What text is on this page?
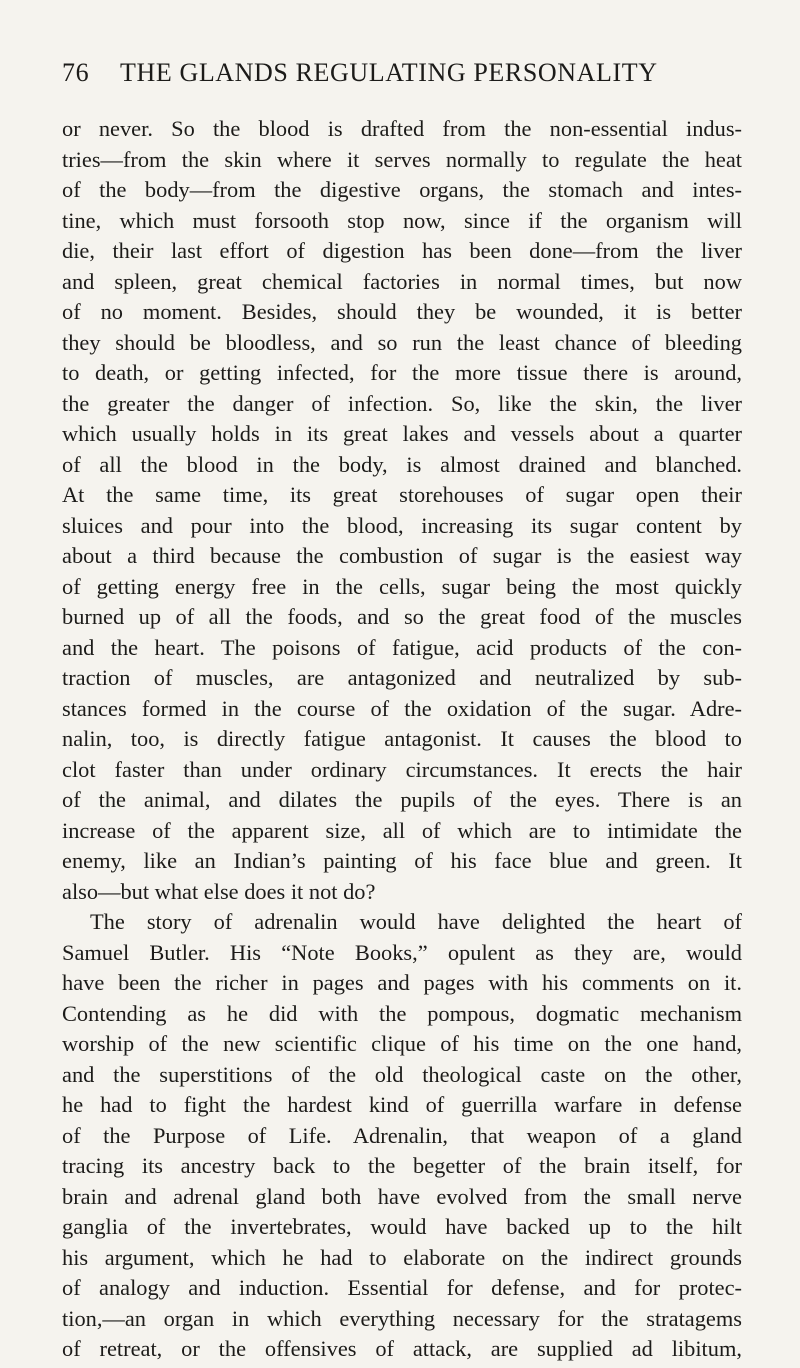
76	THE GLANDS REGULATING PERSONALITY
or never. So the blood is drafted from the non-essential indus-
tries—from the skin where it serves normally to regulate the heat
of the body—from the digestive organs, the stomach and intes-
tine, which must forsooth stop now, since if the organism will
die, their last effort of digestion has been done—from the liver
and spleen, great chemical factories in normal times, but now
of no moment. Besides, should they be wounded, it is better
they should be bloodless, and so run the least chance of bleeding
to death, or getting infected, for the more tissue there is around,
the greater the danger of infection. So, like the skin, the liver
which usually holds in its great lakes and vessels about a quarter
of all the blood in the body, is almost drained and blanched.
At the same time, its great storehouses of sugar open their
sluices and pour into the blood, increasing its sugar content by
about a third because the combustion of sugar is the easiest way
of getting energy free in the cells, sugar being the most quickly
burned up of all the foods, and so the great food of the muscles
and the heart. The poisons of fatigue, acid products of the con-
traction of muscles, are antagonized and neutralized by sub-
stances formed in the course of the oxidation of the sugar. Adre-
nalin, too, is directly fatigue antagonist. It causes the blood to
clot faster than under ordinary circumstances. It erects the hair
of the animal, and dilates the pupils of the eyes. There is an
increase of the apparent size, all of which are to intimidate the
enemy, like an Indian’s painting of his face blue and green. It
also—but what else does it not do?
The story of adrenalin would have delighted the heart of
Samuel Butler. His “Note Books,” opulent as they are, would
have been the richer in pages and pages with his comments on it.
Contending as he did with the pompous, dogmatic mechanism
worship of the new scientific clique of his time on the one hand,
and the superstitions of the old theological caste on the other,
he had to fight the hardest kind of guerrilla warfare in defense
of the Purpose of Life. Adrenalin, that weapon of a gland
tracing its ancestry back to the begetter of the brain itself, for
brain and adrenal gland both have evolved from the small nerve
ganglia of the invertebrates, would have backed up to the hilt
his argument, which he had to elaborate on the indirect grounds
of analogy and induction. Essential for defense, and for protec-
tion,—an organ in which everything necessary for the stratagems
of retreat, or the offensives of attack, are supplied ad libitum,
